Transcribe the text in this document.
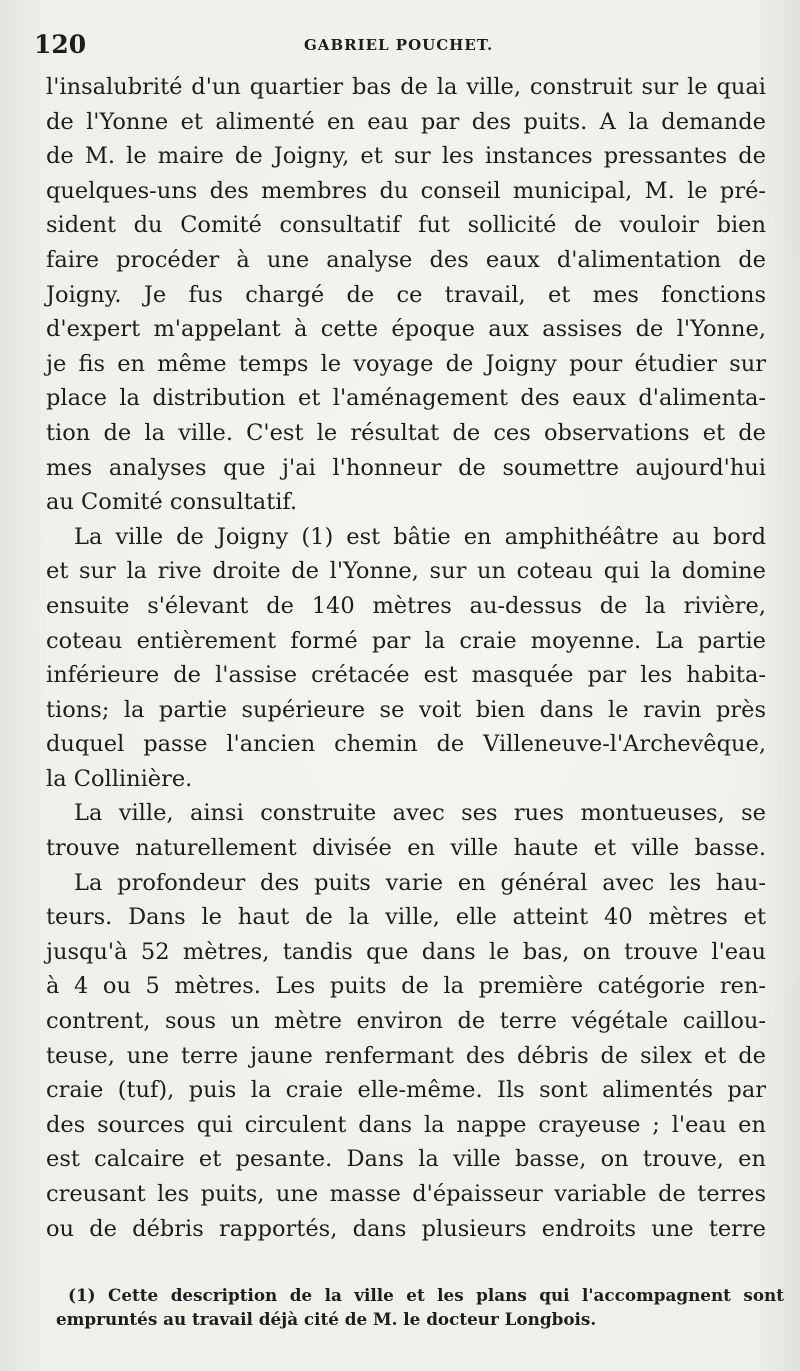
120	GABRIEL POUCHET.
l'insalubrité d'un quartier bas de la ville, construit sur le quai
de l'Yonne et alimenté en eau par des puits. A la demande
de M. le maire de Joigny, et sur les instances pressantes de
quelques-uns des membres du conseil municipal, M. le pré-
sident du Comité consultatif fut sollicité de vouloir bien
faire procéder à une analyse des eaux d'alimentation de
Joigny. Je fus chargé de ce travail, et mes fonctions
d'expert m'appelant à cette époque aux assises de l'Yonne,
je fis en même temps le voyage de Joigny pour étudier sur
place la distribution et l'aménagement des eaux d'alimenta-
tion de la ville. C'est le résultat de ces observations et de
mes analyses que j'ai l'honneur de soumettre aujourd'hui
au Comité consultatif.
La ville de Joigny (1) est bâtie en amphithéâtre au bord
et sur la rive droite de l'Yonne, sur un coteau qui la domine
ensuite s'élevant de 140 mètres au-dessus de la rivière,
coteau entièrement formé par la craie moyenne. La partie
inférieure de l'assise crétacée est masquée par les habita-
tions; la partie supérieure se voit bien dans le ravin près
duquel passe l'ancien chemin de Villeneuve-l'Archevêque,
la Collinière.
La ville, ainsi construite avec ses rues montueuses, se
trouve naturellement divisée en ville haute et ville basse.
La profondeur des puits varie en général avec les hau-
teurs. Dans le haut de la ville, elle atteint 40 mètres et
jusqu'à 52 mètres, tandis que dans le bas, on trouve l'eau
à 4 ou 5 mètres. Les puits de la première catégorie ren-
contrent, sous un mètre environ de terre végétale caillou-
teuse, une terre jaune renfermant des débris de silex et de
craie (tuf), puis la craie elle-même. Ils sont alimentés par
des sources qui circulent dans la nappe crayeuse ; l'eau en
est calcaire et pesante. Dans la ville basse, on trouve, en
creusant les puits, une masse d'épaisseur variable de terres
ou de débris rapportés, dans plusieurs endroits une terre
(1) Cette description de la ville et les plans qui l'accompagnent sont
empruntés au travail déjà cité de M. le docteur Longbois.
